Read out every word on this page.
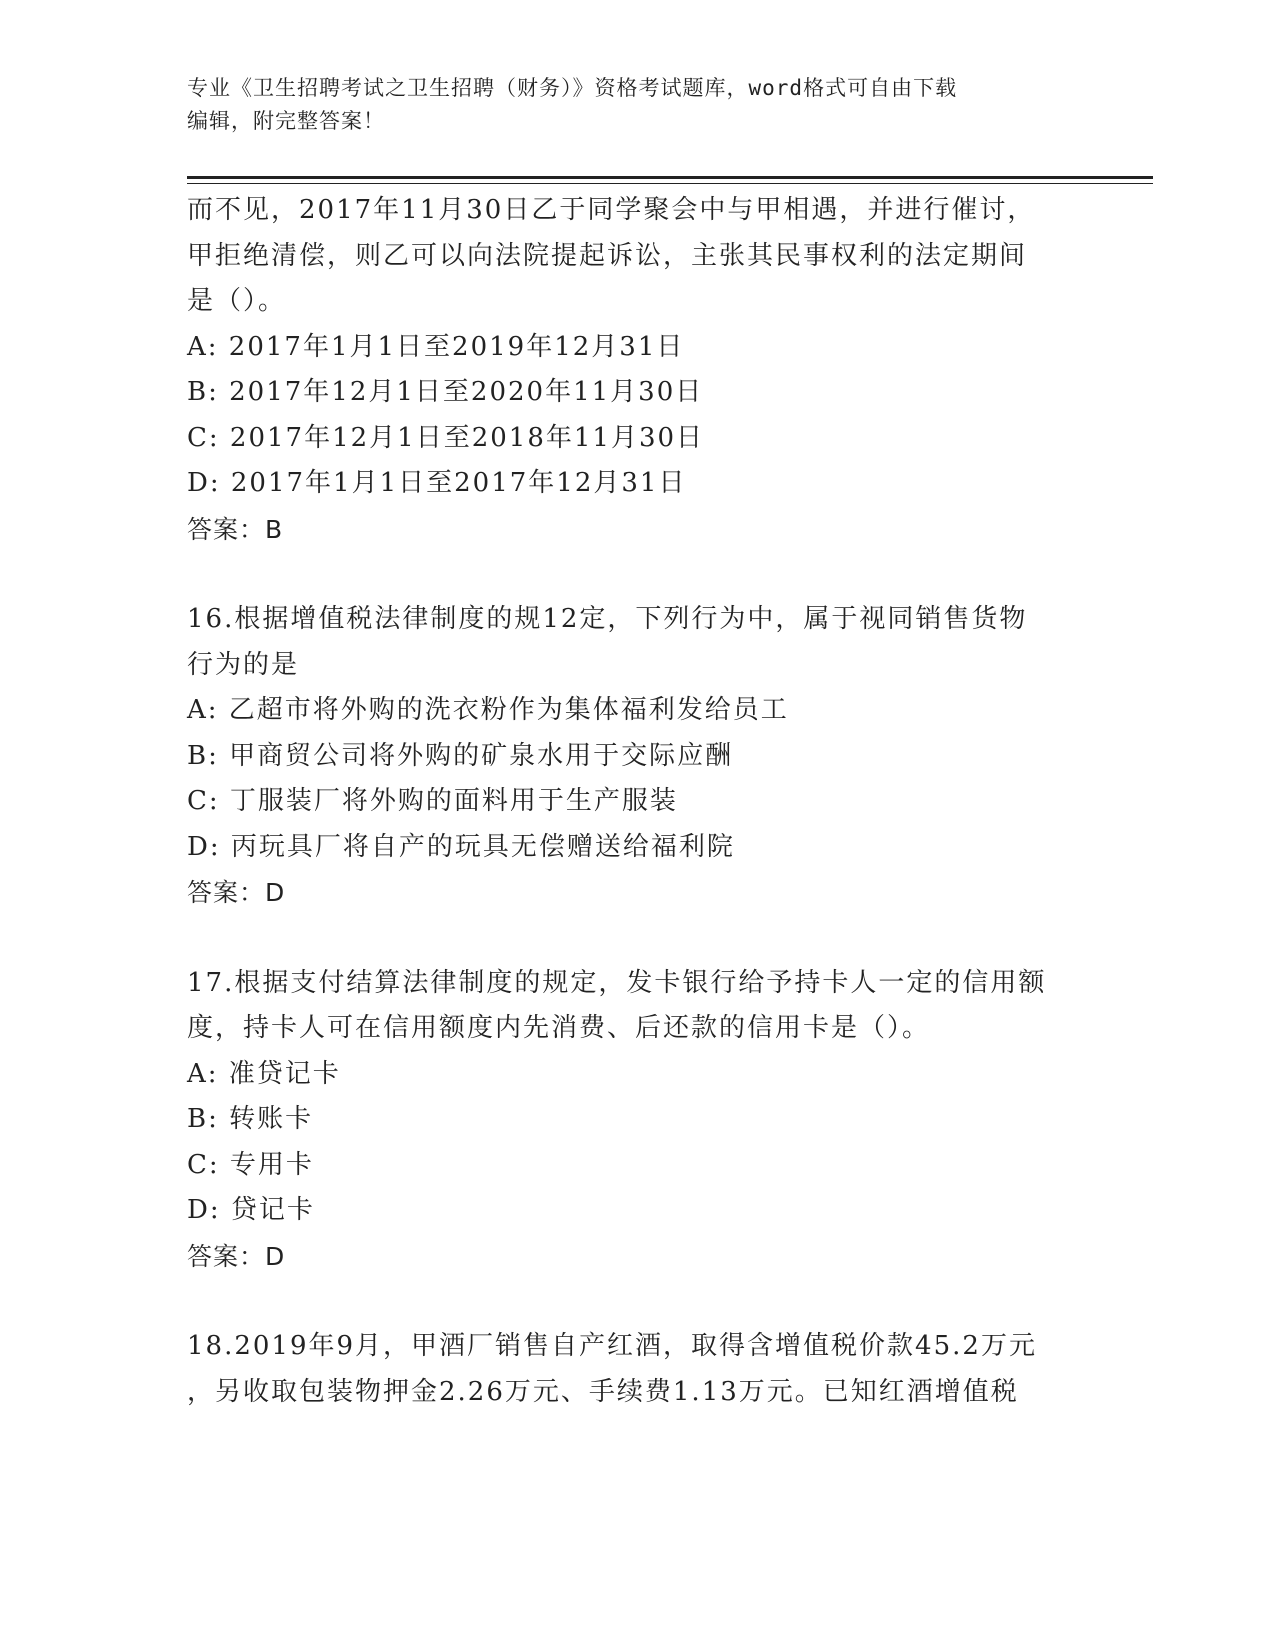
专业《卫生招聘考试之卫生招聘（财务）》资格考试题库，word格式可自由下载
编辑，附完整答案！
而不见，2017年11月30日乙于同学聚会中与甲相遇，并进行催讨，
甲拒绝清偿，则乙可以向法院提起诉讼，主张其民事权利的法定期间
是（）。
A: 2017年1月1日至2019年12月31日
B: 2017年12月1日至2020年11月30日
C: 2017年12月1日至2018年11月30日
D: 2017年1月1日至2017年12月31日
答案：B
16.根据增值税法律制度的规12定，下列行为中，属于视同销售货物
行为的是
A: 乙超市将外购的洗衣粉作为集体福利发给员工
B: 甲商贸公司将外购的矿泉水用于交际应酬
C: 丁服装厂将外购的面料用于生产服装
D: 丙玩具厂将自产的玩具无偿赠送给福利院
答案：D
17.根据支付结算法律制度的规定，发卡银行给予持卡人一定的信用额
度，持卡人可在信用额度内先消费、后还款的信用卡是（）。
A: 准贷记卡
B: 转账卡
C: 专用卡
D: 贷记卡
答案：D
18.2019年9月，甲酒厂销售自产红酒，取得含增值税价款45.2万元
，另收取包装物押金2.26万元、手续费1.13万元。已知红酒增值税
